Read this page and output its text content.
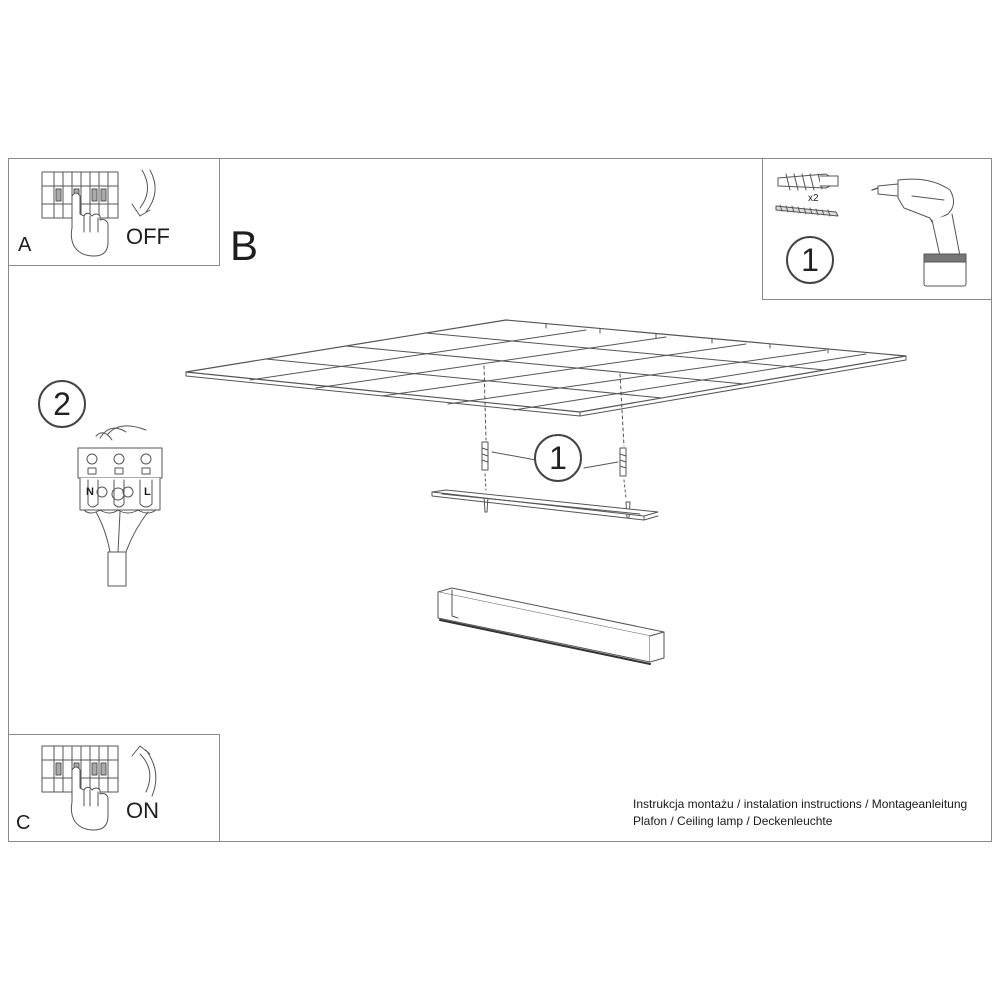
A	OFF B
C	ON
x2
N	L
1
2
1
Instrukcja montażu / instalation instructions / Montageanleitung
Plafon / Ceiling lamp / Deckenleuchte
